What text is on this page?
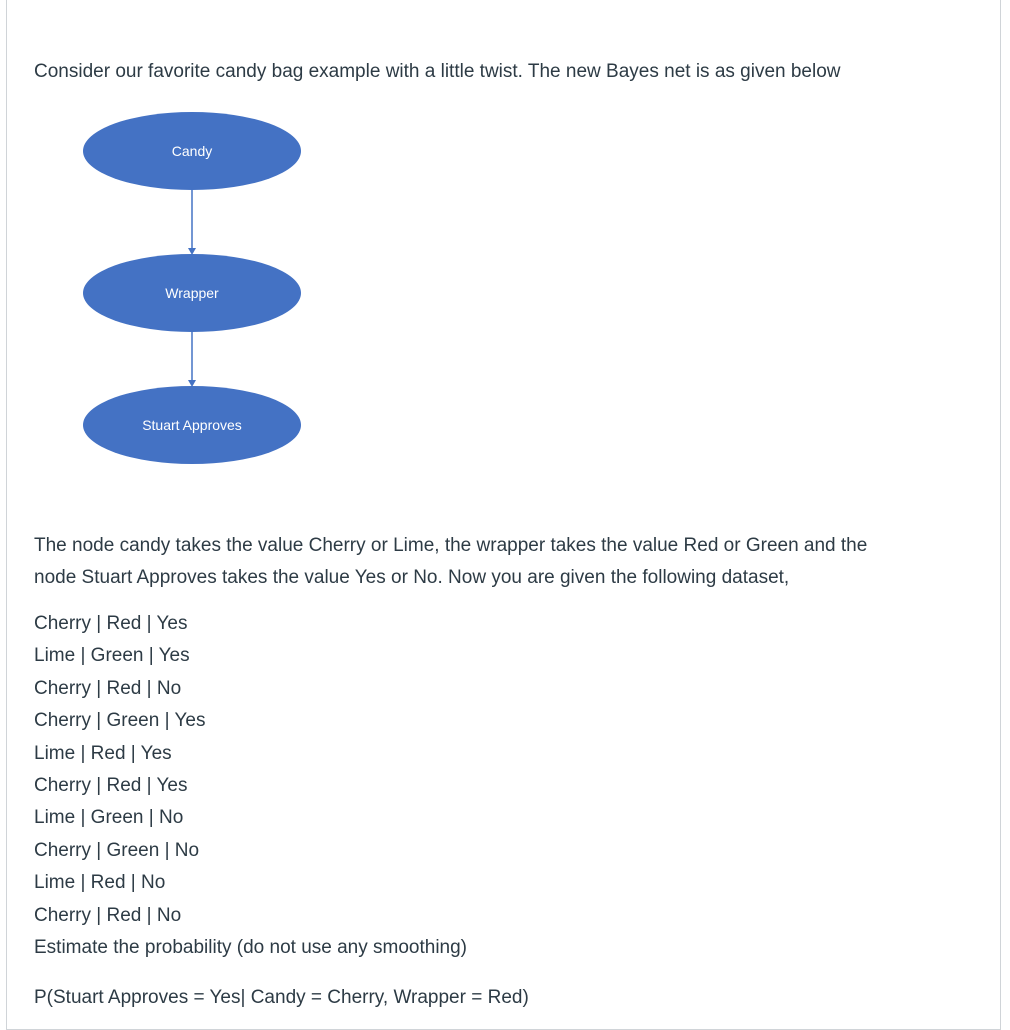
Consider our favorite candy bag example with a little twist. The new Bayes net is as given below

Candy
Wrapper
Stuart Approves

The node candy takes the value Cherry or Lime, the wrapper takes the value Red or Green and the
node Stuart Approves takes the value Yes or No. Now you are given the following dataset,

Cherry | Red | Yes
Lime | Green | Yes
Cherry | Red | No
Cherry | Green | Yes
Lime | Red | Yes
Cherry | Red | Yes
Lime | Green | No
Cherry | Green | No
Lime | Red | No
Cherry | Red | No

Estimate the probability (do not use any smoothing)

P(Stuart Approves = Yes| Candy = Cherry, Wrapper = Red)
